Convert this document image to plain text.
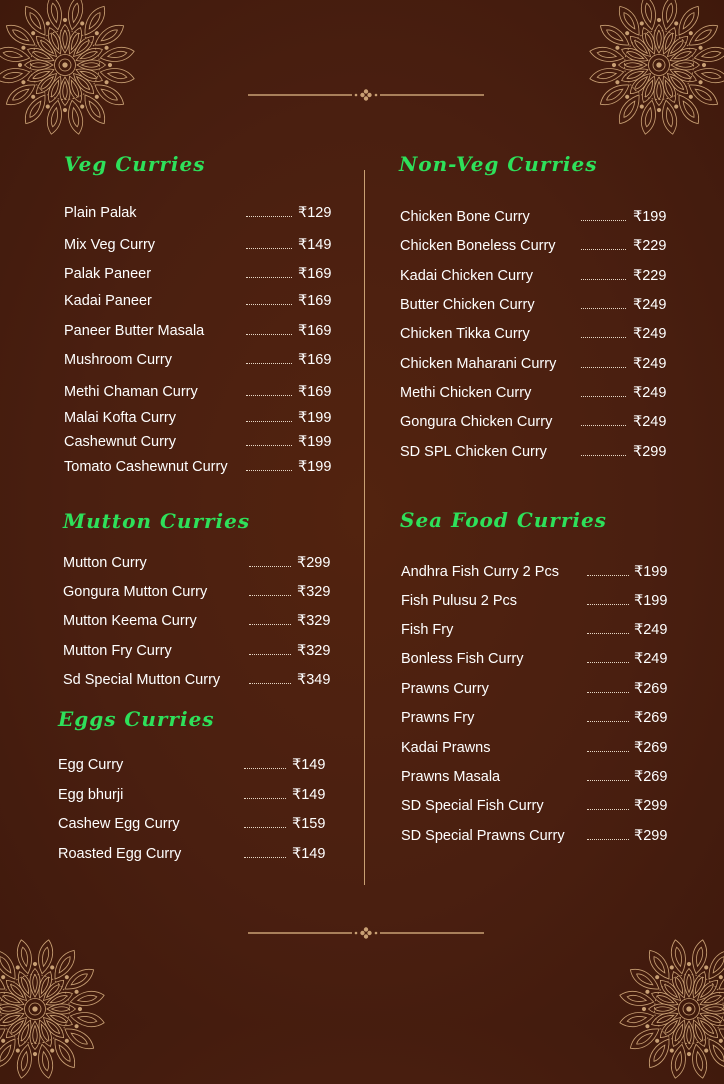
Veg Curries	Non-Veg Curries
Mutton Curries	Sea Food Curries
Eggs Curries
Plain Palak	₹129
Mix Veg Curry	₹149
Palak Paneer	₹169
Kadai Paneer	₹169
Paneer Butter Masala	₹169
Mushroom Curry	₹169
Methi Chaman Curry	₹169
Malai Kofta Curry	₹199
Cashewnut Curry	₹199
Tomato Cashewnut Curry	₹199
Chicken Bone Curry	₹199
Chicken Boneless Curry	₹229
Kadai Chicken Curry	₹229
Butter Chicken Curry	₹249
Chicken Tikka Curry	₹249
Chicken Maharani Curry	₹249
Methi Chicken Curry	₹249
Gongura Chicken Curry	₹249
SD SPL Chicken Curry	₹299
Mutton Curry	₹299
Gongura Mutton Curry	₹329
Mutton Keema Curry	₹329
Mutton Fry Curry	₹329
Sd Special Mutton Curry	₹349
Andhra Fish Curry 2 Pcs	₹199
Fish Pulusu 2 Pcs	₹199
Fish Fry	₹249
Bonless Fish Curry	₹249
Prawns Curry	₹269
Prawns Fry	₹269
Kadai Prawns	₹269
Prawns Masala	₹269
SD Special Fish Curry	₹299
SD Special Prawns Curry	₹299
Egg Curry	₹149
Egg bhurji	₹149
Cashew Egg Curry	₹159
Roasted Egg Curry	₹149
